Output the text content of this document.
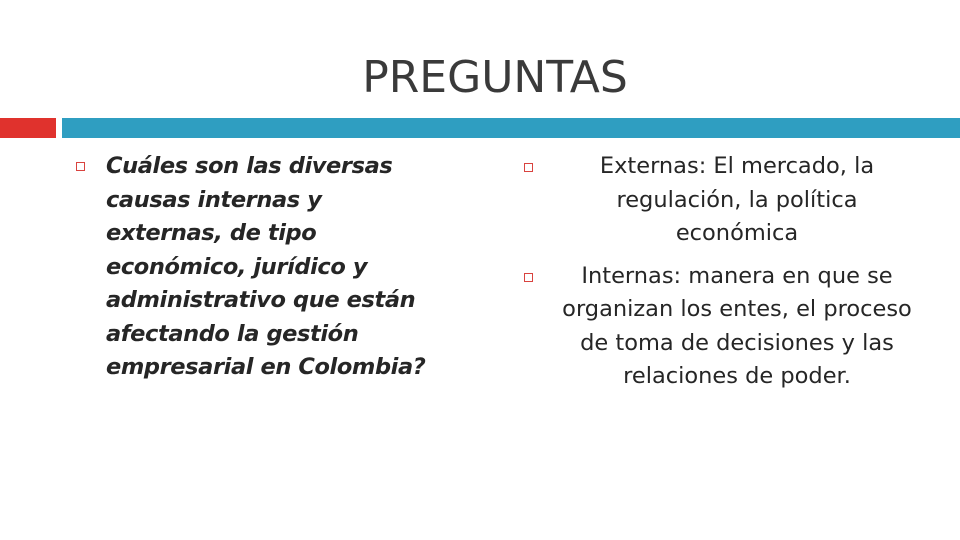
PREGUNTAS
Cuáles son las diversas causas internas y externas, de tipo económico, jurídico y administrativo que están afectando la gestión empresarial en Colombia?
Externas: El mercado, la regulación, la política económica
Internas: manera en que se organizan los entes, el proceso de toma de decisiones y las relaciones de poder.
